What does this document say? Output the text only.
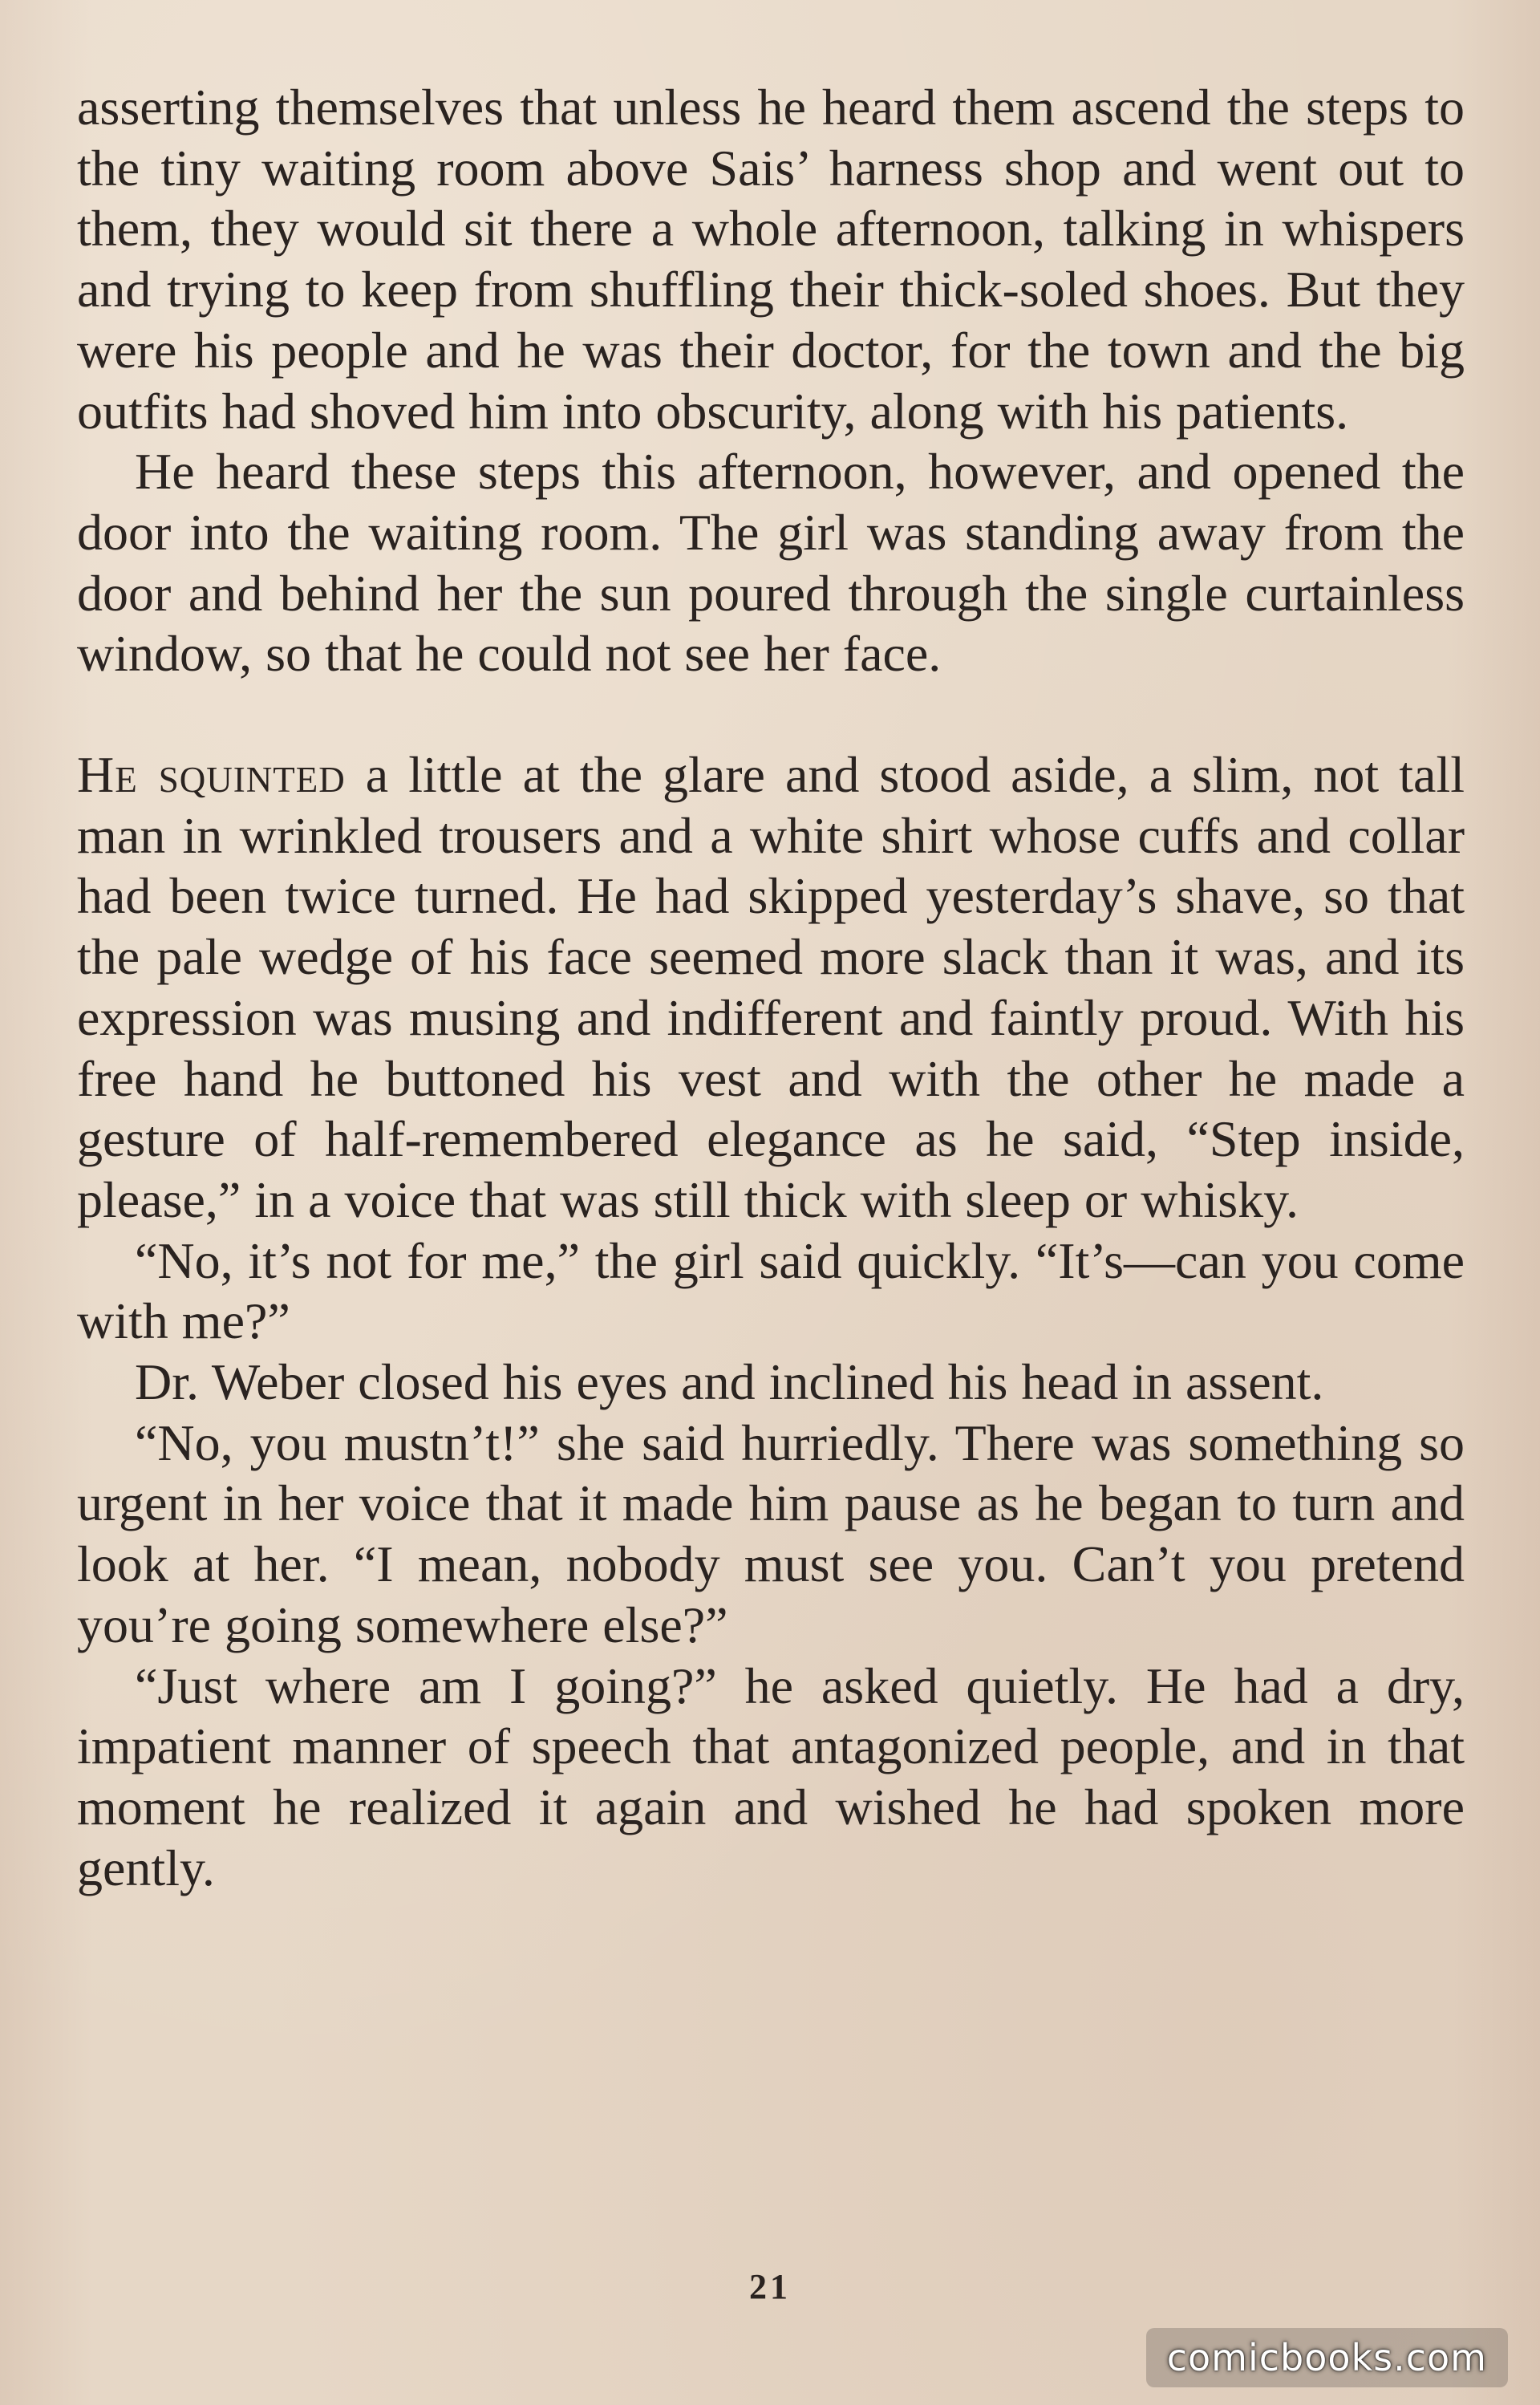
asserting themselves that unless he heard them ascend the steps to the tiny waiting room above Sais’ harness shop and went out to them, they would sit there a whole afternoon, talking in whispers and trying to keep from shuffling their thick-soled shoes. But they were his people and he was their doctor, for the town and the big outfits had shoved him into obscurity, along with his patients.

He heard these steps this afternoon, however, and opened the door into the waiting room. The girl was standing away from the door and behind her the sun poured through the single curtainless window, so that he could not see her face.

He squinted a little at the glare and stood aside, a slim, not tall man in wrinkled trousers and a white shirt whose cuffs and collar had been twice turned. He had skipped yesterday’s shave, so that the pale wedge of his face seemed more slack than it was, and its expression was musing and indifferent and faintly proud. With his free hand he buttoned his vest and with the other he made a gesture of half-remembered elegance as he said, “Step inside, please,” in a voice that was still thick with sleep or whisky.

“No, it’s not for me,” the girl said quickly. “It’s—can you come with me?”

Dr. Weber closed his eyes and inclined his head in assent.

“No, you mustn’t!” she said hurriedly. There was something so urgent in her voice that it made him pause as he began to turn and look at her. “I mean, nobody must see you. Can’t you pretend you’re going somewhere else?”

“Just where am I going?” he asked quietly. He had a dry, impatient manner of speech that antagonized people, and in that moment he realized it again and wished he had spoken more gently.

21
comicbooks.com
